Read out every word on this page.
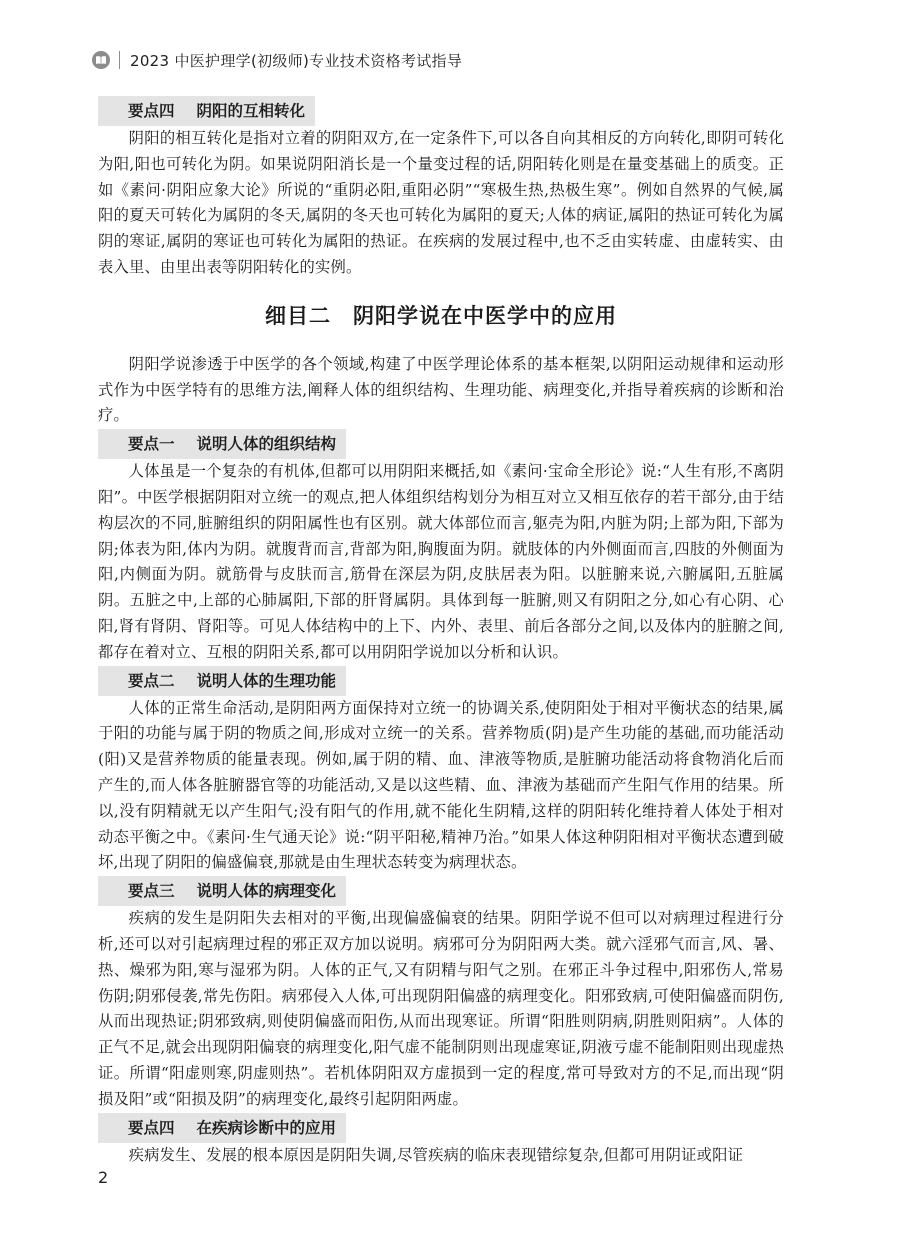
2023 中医护理学(初级师)专业技术资格考试指导
要点四 阴阳的互相转化

阴阳的相互转化是指对立着的阴阳双方,在一定条件下,可以各自向其相反的方向转化,即阴可转化为阳,阳也可转化为阴。如果说阴阳消长是一个量变过程的话,阴阳转化则是在量变基础上的质变。正如《素问·阴阳应象大论》所说的“重阴必阳,重阳必阴”“寒极生热,热极生寒”。例如自然界的气候,属阳的夏天可转化为属阴的冬天,属阴的冬天也可转化为属阳的夏天;人体的病证,属阳的热证可转化为属阴的寒证,属阴的寒证也可转化为属阳的热证。在疾病的发展过程中,也不乏由实转虚、由虚转实、由表入里、由里出表等阴阳转化的实例。

细目二　阴阳学说在中医学中的应用

阴阳学说渗透于中医学的各个领域,构建了中医学理论体系的基本框架,以阴阳运动规律和运动形式作为中医学特有的思维方法,阐释人体的组织结构、生理功能、病理变化,并指导着疾病的诊断和治疗。

要点一 说明人体的组织结构

人体虽是一个复杂的有机体,但都可以用阴阳来概括,如《素问·宝命全形论》说:“人生有形,不离阴阳”。中医学根据阴阳对立统一的观点,把人体组织结构划分为相互对立又相互依存的若干部分,由于结构层次的不同,脏腑组织的阴阳属性也有区别。就大体部位而言,躯壳为阳,内脏为阴;上部为阳,下部为阴;体表为阳,体内为阴。就腹背而言,背部为阳,胸腹面为阴。就肢体的内外侧面而言,四肢的外侧面为阳,内侧面为阴。就筋骨与皮肤而言,筋骨在深层为阴,皮肤居表为阳。以脏腑来说,六腑属阳,五脏属阴。五脏之中,上部的心肺属阳,下部的肝肾属阴。具体到每一脏腑,则又有阴阳之分,如心有心阴、心阳,肾有肾阴、肾阳等。可见人体结构中的上下、内外、表里、前后各部分之间,以及体内的脏腑之间,都存在着对立、互根的阴阳关系,都可以用阴阳学说加以分析和认识。

要点二 说明人体的生理功能

人体的正常生命活动,是阴阳两方面保持对立统一的协调关系,使阴阳处于相对平衡状态的结果,属于阳的功能与属于阴的物质之间,形成对立统一的关系。营养物质(阴)是产生功能的基础,而功能活动(阳)又是营养物质的能量表现。例如,属于阴的精、血、津液等物质,是脏腑功能活动将食物消化后而产生的,而人体各脏腑器官等的功能活动,又是以这些精、血、津液为基础而产生阳气作用的结果。所以,没有阴精就无以产生阳气;没有阳气的作用,就不能化生阴精,这样的阴阳转化维持着人体处于相对动态平衡之中。《素问·生气通天论》说:“阴平阳秘,精神乃治。”如果人体这种阴阳相对平衡状态遭到破坏,出现了阴阳的偏盛偏衰,那就是由生理状态转变为病理状态。

要点三 说明人体的病理变化

疾病的发生是阴阳失去相对的平衡,出现偏盛偏衰的结果。阴阳学说不但可以对病理过程进行分析,还可以对引起病理过程的邪正双方加以说明。病邪可分为阴阳两大类。就六淫邪气而言,风、暑、热、燥邪为阳,寒与湿邪为阴。人体的正气,又有阴精与阳气之别。在邪正斗争过程中,阳邪伤人,常易伤阴;阴邪侵袭,常先伤阳。病邪侵入人体,可出现阴阳偏盛的病理变化。阳邪致病,可使阳偏盛而阴伤,从而出现热证;阴邪致病,则使阴偏盛而阳伤,从而出现寒证。所谓“阳胜则阴病,阴胜则阳病”。人体的正气不足,就会出现阴阳偏衰的病理变化,阳气虚不能制阴则出现虚寒证,阴液亏虚不能制阳则出现虚热证。所谓“阳虚则寒,阴虚则热”。若机体阴阳双方虚损到一定的程度,常可导致对方的不足,而出现“阴损及阳”或“阳损及阴”的病理变化,最终引起阴阳两虚。

要点四 在疾病诊断中的应用

疾病发生、发展的根本原因是阴阳失调,尽管疾病的临床表现错综复杂,但都可用阴证或阳证

2
